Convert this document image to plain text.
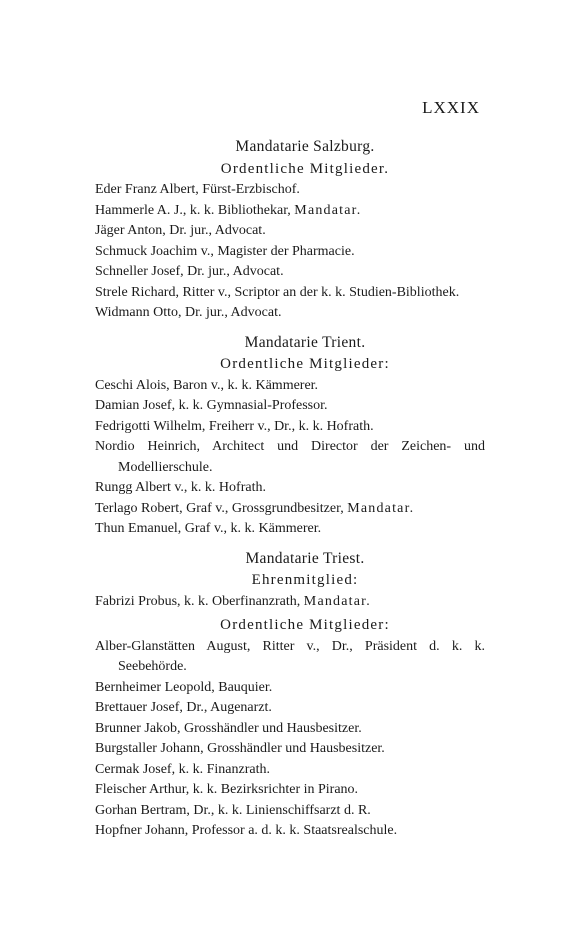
LXXIX
Mandatarie Salzburg.
Ordentliche Mitglieder.
Eder Franz Albert, Fürst-Erzbischof.
Hammerle A. J., k. k. Bibliothekar, Mandatar.
Jäger Anton, Dr. jur., Advocat.
Schmuck Joachim v., Magister der Pharmacie.
Schneller Josef, Dr. jur., Advocat.
Strele Richard, Ritter v., Scriptor an der k. k. Studien-Bibliothek.
Widmann Otto, Dr. jur., Advocat.
Mandatarie Trient.
Ordentliche Mitglieder:
Ceschi Alois, Baron v., k. k. Kämmerer.
Damian Josef, k. k. Gymnasial-Professor.
Fedrigotti Wilhelm, Freiherr v., Dr., k. k. Hofrath.
Nordio Heinrich, Architect und Director der Zeichen- und Modellierschule.
Rungg Albert v., k. k. Hofrath.
Terlago Robert, Graf v., Grossgrundbesitzer, Mandatar.
Thun Emanuel, Graf v., k. k. Kämmerer.
Mandatarie Triest.
Ehrenmitglied:
Fabrizi Probus, k. k. Oberfinanzrath, Mandatar.
Ordentliche Mitglieder:
Alber-Glanstätten August, Ritter v., Dr., Präsident d. k. k. Seebehörde.
Bernheimer Leopold, Bauquier.
Brettauer Josef, Dr., Augenarzt.
Brunner Jakob, Grosshändler und Hausbesitzer.
Burgstaller Johann, Grosshändler und Hausbesitzer.
Cermak Josef, k. k. Finanzrath.
Fleischer Arthur, k. k. Bezirksrichter in Pirano.
Gorhan Bertram, Dr., k. k. Linienschiffsarzt d. R.
Hopfner Johann, Professor a. d. k. k. Staatsrealschule.
